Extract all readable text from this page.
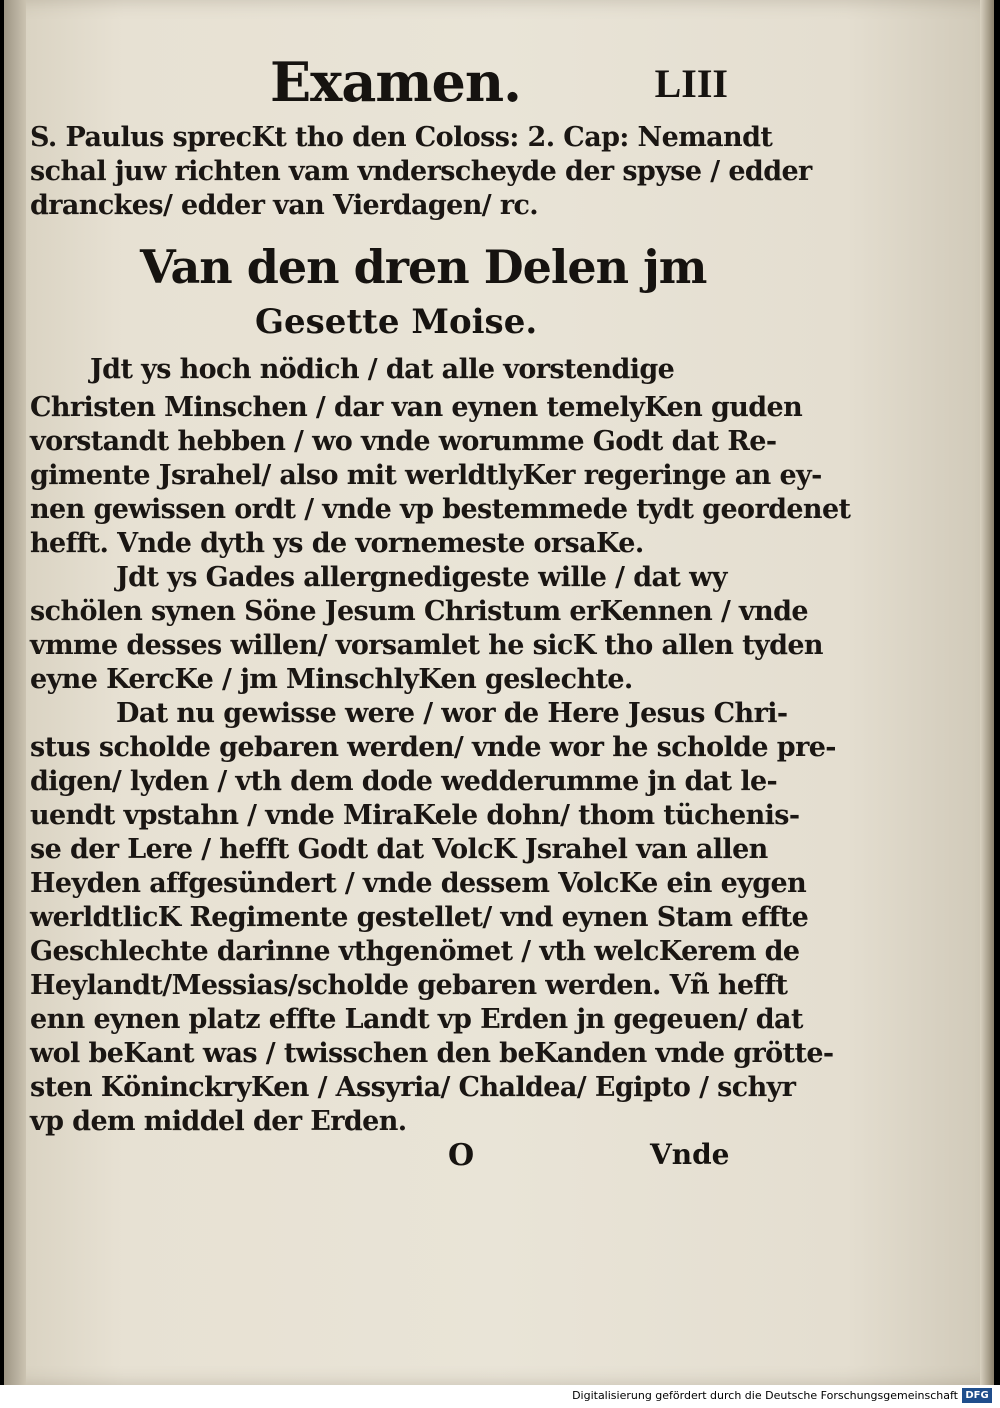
Examen.	LIII
S. Paulus sprecKt tho den Coloss: 2. Cap: Nemandt
schal juw richten vam vnderscheyde der spyse / edder
dranckes/ edder van Vierdagen/ rc.
Van den dren Delen jm
Gesette Moise.
Jdt ys hoch nödich / dat alle vorstendige
Christen Minschen / dar van eynen temelyKen guden
vorstandt hebben / wo vnde worumme Godt dat Re-
gimente Jsrahel/ also mit werldtlyKer regeringe an ey-
nen gewissen ordt / vnde vp bestemmede tydt geordenet
hefft. Vnde dyth ys de vornemeste orsaKe.
Jdt ys Gades allergnedigeste wille / dat wy
schölen synen Söne Jesum Christum erKennen / vnde
vmme desses willen/ vorsamlet he sicK tho allen tyden
eyne KercKe / jm MinschlyKen geslechte.
Dat nu gewisse were / wor de Here Jesus Chri-
stus scholde gebaren werden/ vnde wor he scholde pre-
digen/ lyden / vth dem dode wedderumme jn dat le-
uendt vpstahn / vnde MiraKele dohn/ thom tüchenis-
se der Lere / hefft Godt dat VolcK Jsrahel van allen
Heyden affgesündert / vnde dessem VolcKe ein eygen
werldtlicK Regimente gestellet/ vnd eynen Stam effte
Geschlechte darinne vthgenömet / vth welcKerem de
Heylandt/Messias/scholde gebaren werden. Vñ hefft
enn eynen platz effte Landt vp Erden jn gegeuen/ dat
wol beKant was / twisschen den beKanden vnde grötte-
sten KöninckryKen / Assyria/ Chaldea/ Egipto / schyr
vp dem middel der Erden.
O	Vnde
Digitalisierung gefördert durch die Deutsche Forschungsgemeinschaft DFG
